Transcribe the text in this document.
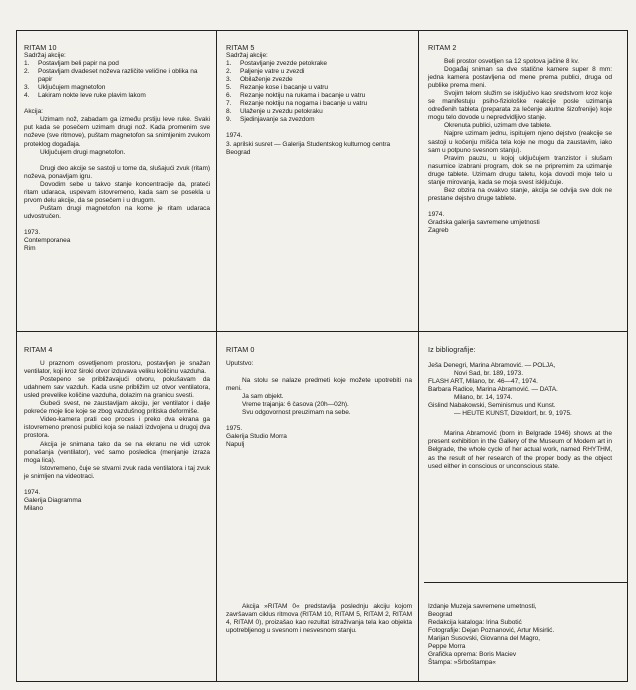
RITAM 10

Sadržaj akcije:

1. Postavljam beli papir na pod
2. Postavljam dvadeset noževa različite veličine i oblika na papir
3. Uključujem magnetofon
4. Lakiram nokte leve ruke plavim lakom

Akcija:

Uzimam nož, zabadam ga između prstiju leve ruke. Svaki put kada se posečem uzimam drugi nož. Kada promenim sve noževe (sve ritmove), puštam magnetofon sa snimljenim zvukom proteklog događaja.

Uključujem drugi magnetofon.

Drugi deo akcije se sastoji u tome da, slušajući zvuk (ritam) noževa, ponavljam igru.

Dovodim sebe u takvo stanje koncentracije da, prateći ritam udaraca, uspevam istovremeno, kada sam se posekla u prvom delu akcije, da se posečem i u drugom.

Puštam drugi magnetofon na kome je ritam udaraca udvostručen.

1973.

Contemporanea

Rim

RITAM 5

Sadržaj akcije:

1. Postavljanje zvezde petokrake
2. Paljenje vatre u zvezdi
3. Obilaženje zvezde
5. Rezanje kose i bacanje u vatru
6. Rezanje noktiju na rukama i bacanje u vatru
7. Rezanje noktiju na nogama i bacanje u vatru
8. Ulaženje u zvezdu petokraku
9. Sjedinjavanje sa zvezdom

1974.

3. aprilski susret — Galerija Studentskog kulturnog centra

Beograd

RITAM 2

Beli prostor osvetljen sa 12 spotova jačine 8 kv.

Događaj sniman sa dve statične kamere super 8 mm: jedna kamera postavljena od mene prema publici, druga od publike prema meni.

Svojim telom služim se isključivo kao sredstvom kroz koje se manifestuju psiho-fiziološke reakcije posle uzimanja određenih tableta (preparata za lečenje akutne šizofrenije) koje mogu telo dovode u nepredvidljivo stanje.

Okrenuta publici, uzimam dve tablete.

Najpre uzimam jednu, ispitujem njeno dejstvo (reakcije se sastoji u kočenju mišića tela koje ne mogu da zaustavim, iako sam u potpuno svesnom stanju).

Pravim pauzu, u kojoj uključujem tranzistor i slušam nasumice izabrani program, dok se ne pripremim za uzimanje druge tablete. Uzimam drugu taletu, koja dovodi moje telo u stanje mirovanja, kada se moja svest isključuje.

Bez obzira na ovakvo stanje, akcija se odvija sve dok ne prestane dejstvo druge tablete.

1974.

Gradska galerija savremene umjetnosti

Zagreb

RITAM 4

U praznom osvetljenom prostoru, postavljen je snažan ventilator, koji kroz široki otvor izduvava veliku količinu vazduha.

Postepeno se približavajući otvoru, pokušavam da udahnem sav vazduh. Kada usne približim uz otvor ventilatora, usled prevelike količine vazduha, dolazim na granicu svesti.

Gubeći svest, ne zaustavljam akciju, jer ventilator i dalje pokreće moje lice koje se zbog vazdušnog pritiska deformiše.

Video-kamera prati ceo proces i preko dva ekrana ga istovremeno prenosi publici koja se nalazi izdvojena u drugoj dva prostora.

Akcija je snimana tako da se na ekranu ne vidi uzrok ponašanja (ventilator), već samo posledica (menjanje izraza moga lica).

Istovremeno, čuje se stvarni zvuk rada ventilatora i taj zvuk je snimljen na videotraci.

1974.

Galerija Diagramma

Milano

RITAM 0

Uputstvo:

Na stolu se nalaze predmeti koje možete upotrebiti na meni.

Ja sam objekt.

Vreme trajanja: 6 časova (20h—02h).

Svu odgovornost preuzimam na sebe.

1975.

Galerija Studio Morra

Napulj

Akcija »RITAM 0« predstavlja poslednju akciju kojom završavam ciklus ritmova (RITAM 10, RITAM 5, RITAM 2, RITAM 4, RITAM 0), proizašao kao rezultat istraživanja tela kao objekta upotrebljenog u svesnom i nesvesnom stanju.

Iz bibliografije:

Ješa Denegri, Marina Abramović. — POLJA,

Novi Sad, br. 189, 1973.

FLASH ART, Milano, br. 46—47, 1974.

Barbara Radice, Marina Abramović. — DATA.

Milano, br. 14, 1974.

Gislind Nabakowski, Seminismus und Kunst.

— HEUTE KUNST, Dizeldorf, br. 9, 1975.

Marina Abramović (born in Belgrade 1946) shows at the present exhibition in the Gallery of the Museum of Modern art in Belgrade, the whole cycle of her actual work, named RHYTHM, as the result of her research of the proper body as the object used either in conscious or unconscious state.

Izdanje Muzeja savremene umetnosti,

Beograd

Redakcija kataloga: Irina Subotić

Fotografije: Dejan Poznanović, Artur Misirlić.

Marijan Susovski, Giovanna del Magro,

Peppe Morra

Grafička oprema: Boris Maciev

Štampa: »Srboštampa«
